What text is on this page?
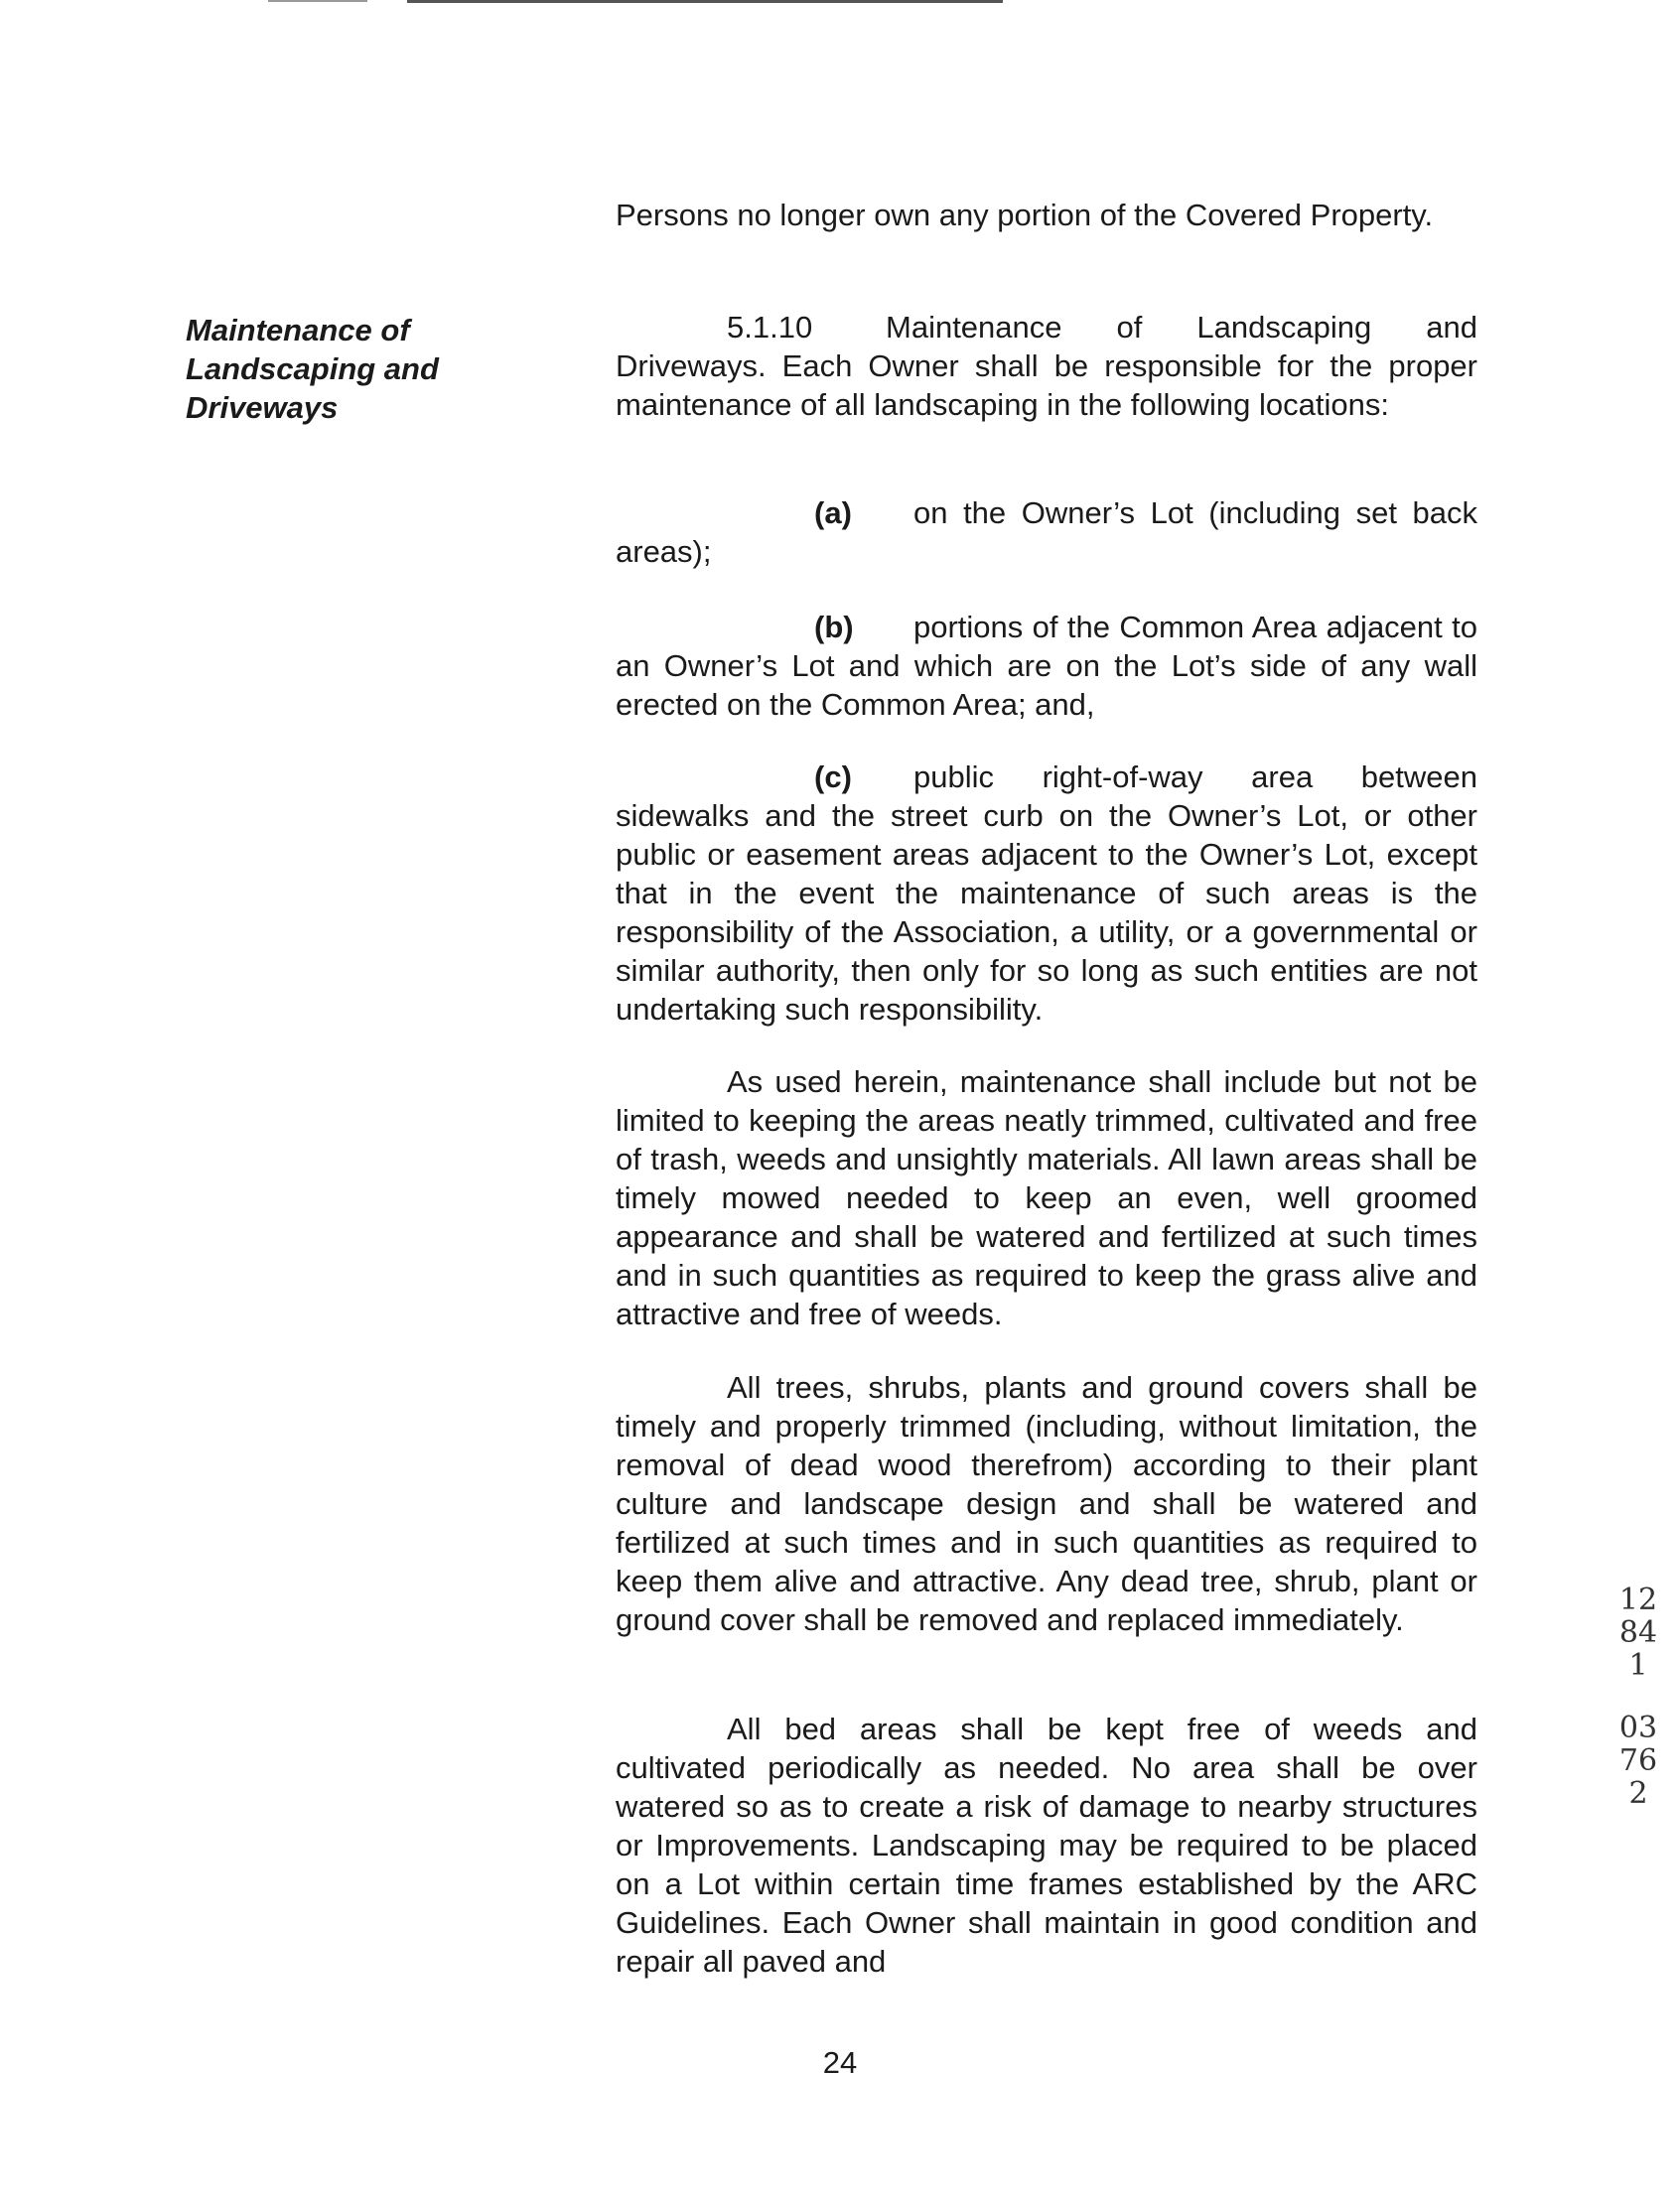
Maintenance of
Landscaping and
Driveways

Persons no longer own any portion of the Covered Property.

5.1.10 Maintenance of Landscaping and Driveways. Each Owner shall be responsible for the proper maintenance of all landscaping in the following locations:

(a) on the Owner’s Lot (including set back areas);

(b) portions of the Common Area adjacent to an Owner’s Lot and which are on the Lot’s side of any wall erected on the Common Area; and,

(c) public right-of-way area between sidewalks and the street curb on the Owner’s Lot, or other public or easement areas adjacent to the Owner’s Lot, except that in the event the maintenance of such areas is the responsibility of the Association, a utility, or a governmental or similar authority, then only for so long as such entities are not undertaking such responsibility.

As used herein, maintenance shall include but not be limited to keeping the areas neatly trimmed, cultivated and free of trash, weeds and unsightly materials. All lawn areas shall be timely mowed needed to keep an even, well groomed appearance and shall be watered and fertilized at such times and in such quantities as required to keep the grass alive and attractive and free of weeds.

All trees, shrubs, plants and ground covers shall be timely and properly trimmed (including, without limitation, the removal of dead wood therefrom) according to their plant culture and landscape design and shall be watered and fertilized at such times and in such quantities as required to keep them alive and attractive. Any dead tree, shrub, plant or ground cover shall be removed and replaced immediately.

All bed areas shall be kept free of weeds and cultivated periodically as needed. No area shall be over watered so as to create a risk of damage to nearby structures or Improvements. Landscaping may be required to be placed on a Lot within certain time frames established by the ARC Guidelines. Each Owner shall maintain in good condition and repair all paved and

24

12841
03762
